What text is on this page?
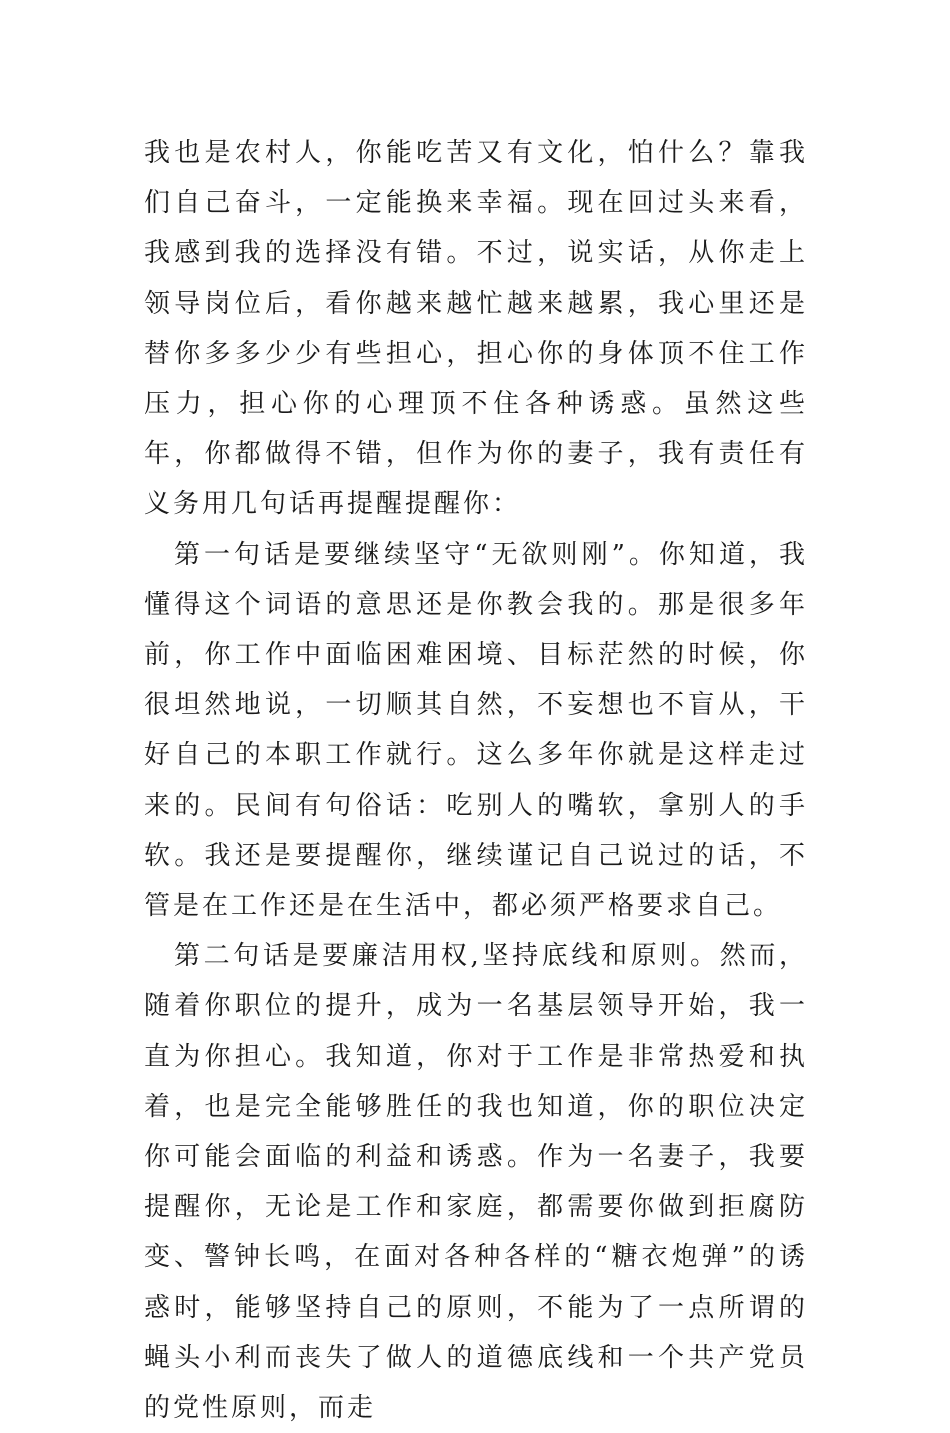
我也是农村人，你能吃苦又有文化，怕什么？靠我们自己奋斗，一定能换来幸福。现在回过头来看，我感到我的选择没有错。不过，说实话，从你走上领导岗位后，看你越来越忙越来越累，我心里还是替你多多少少有些担心，担心你的身体顶不住工作压力，担心你的心理顶不住各种诱惑。虽然这些年，你都做得不错，但作为你的妻子，我有责任有义务用几句话再提醒提醒你：

第一句话是要继续坚守“无欲则刚”。你知道，我懂得这个词语的意思还是你教会我的。那是很多年前，你工作中面临困难困境、目标茫然的时候，你很坦然地说，一切顺其自然，不妄想也不盲从，干好自己的本职工作就行。这么多年你就是这样走过来的。民间有句俗话：吃别人的嘴软，拿别人的手软。我还是要提醒你，继续谨记自己说过的话，不管是在工作还是在生活中，都必须严格要求自己。

第二句话是要廉洁用权,坚持底线和原则。然而，随着你职位的提升，成为一名基层领导开始，我一直为你担心。我知道，你对于工作是非常热爱和执着，也是完全能够胜任的我也知道，你的职位决定你可能会面临的利益和诱惑。作为一名妻子，我要提醒你，无论是工作和家庭，都需要你做到拒腐防变、警钟长鸣，在面对各种各样的“糖衣炮弹”的诱惑时，能够坚持自己的原则，不能为了一点所谓的蝇头小利而丧失了做人的道德底线和一个共产党员的党性原则，而走
